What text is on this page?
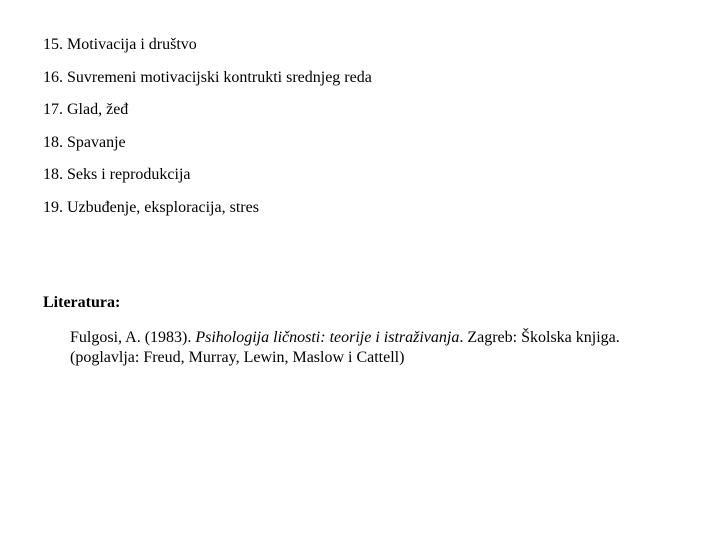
15. Motivacija i društvo
16. Suvremeni motivacijski kontrukti srednjeg reda
17. Glad, žeđ
18. Spavanje
18. Seks i reprodukcija
19. Uzbuđenje, eksploracija, stres

Literatura:

Fulgosi, A. (1983). Psihologija ličnosti: teorije i istraživanja. Zagreb: Školska knjiga.
(poglavlja: Freud, Murray, Lewin, Maslow i Cattell)
